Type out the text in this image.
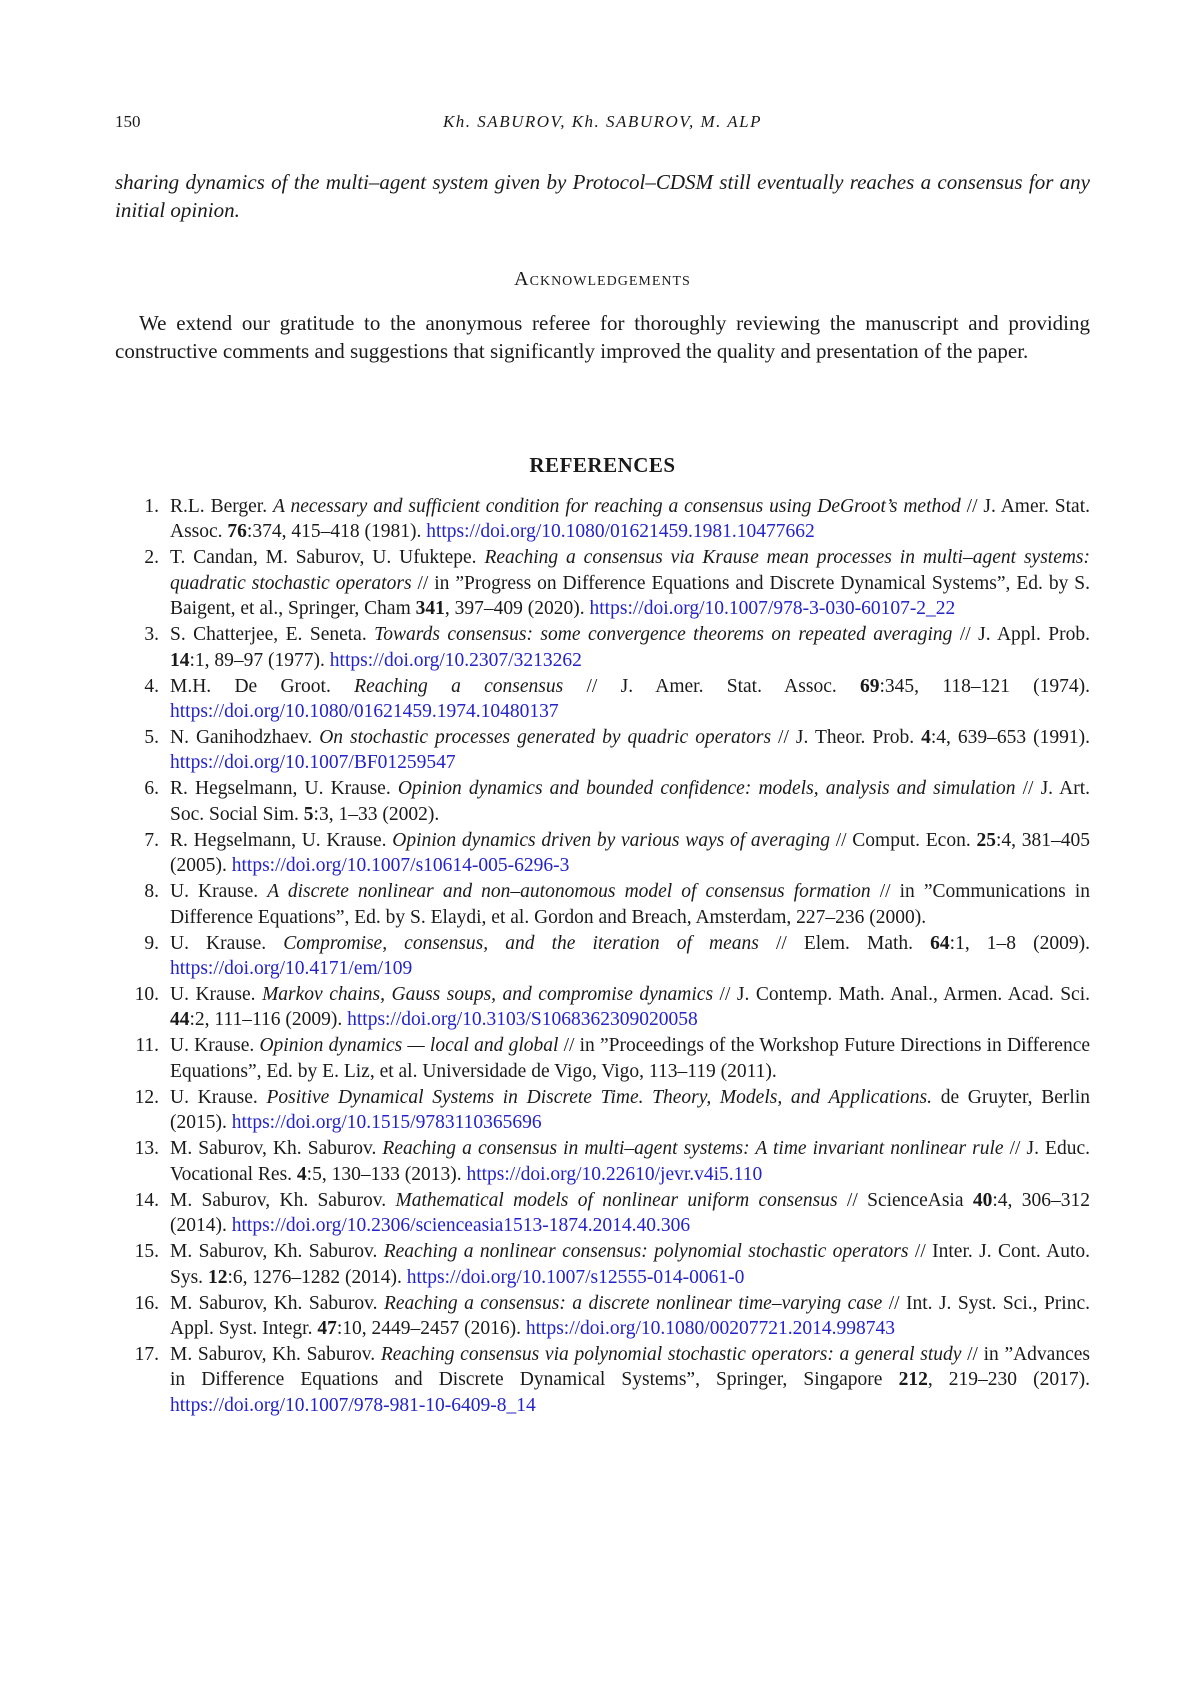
150	Kh. SABUROV, Kh. SABUROV, M. ALP

sharing dynamics of the multi–agent system given by Protocol–CDSM still eventually reaches a consensus for any initial opinion.

Acknowledgements

We extend our gratitude to the anonymous referee for thoroughly reviewing the manuscript and providing constructive comments and suggestions that significantly improved the quality and presentation of the paper.

REFERENCES
1. R.L. Berger. A necessary and sufficient condition for reaching a consensus using DeGroot’s method // J. Amer. Stat. Assoc. 76:374, 415–418 (1981). https://doi.org/10.1080/01621459.1981.10477662
2. T. Candan, M. Saburov, U. Ufuktepe. Reaching a consensus via Krause mean processes in multi–agent systems: quadratic stochastic operators // in ”Progress on Difference Equations and Discrete Dynamical Systems”, Ed. by S. Baigent, et al., Springer, Cham 341, 397–409 (2020). https://doi.org/10.1007/978-3-030-60107-2_22
3. S. Chatterjee, E. Seneta. Towards consensus: some convergence theorems on repeated averaging // J. Appl. Prob. 14:1, 89–97 (1977). https://doi.org/10.2307/3213262
4. M.H. De Groot. Reaching a consensus // J. Amer. Stat. Assoc. 69:345, 118–121 (1974). https://doi.org/10.1080/01621459.1974.10480137
5. N. Ganihodzhaev. On stochastic processes generated by quadric operators // J. Theor. Prob. 4:4, 639–653 (1991). https://doi.org/10.1007/BF01259547
6. R. Hegselmann, U. Krause. Opinion dynamics and bounded confidence: models, analysis and simulation // J. Art. Soc. Social Sim. 5:3, 1–33 (2002).
7. R. Hegselmann, U. Krause. Opinion dynamics driven by various ways of averaging // Comput. Econ. 25:4, 381–405 (2005). https://doi.org/10.1007/s10614-005-6296-3
8. U. Krause. A discrete nonlinear and non–autonomous model of consensus formation // in ”Communications in Difference Equations”, Ed. by S. Elaydi, et al. Gordon and Breach, Amsterdam, 227–236 (2000).
9. U. Krause. Compromise, consensus, and the iteration of means // Elem. Math. 64:1, 1–8 (2009). https://doi.org/10.4171/em/109
10. U. Krause. Markov chains, Gauss soups, and compromise dynamics // J. Contemp. Math. Anal., Armen. Acad. Sci. 44:2, 111–116 (2009). https://doi.org/10.3103/S1068362309020058
11. U. Krause. Opinion dynamics — local and global // in ”Proceedings of the Workshop Future Directions in Difference Equations”, Ed. by E. Liz, et al. Universidade de Vigo, Vigo, 113–119 (2011).
12. U. Krause. Positive Dynamical Systems in Discrete Time. Theory, Models, and Applications. de Gruyter, Berlin (2015). https://doi.org/10.1515/9783110365696
13. M. Saburov, Kh. Saburov. Reaching a consensus in multi–agent systems: A time invariant nonlinear rule // J. Educ. Vocational Res. 4:5, 130–133 (2013). https://doi.org/10.22610/jevr.v4i5.110
14. M. Saburov, Kh. Saburov. Mathematical models of nonlinear uniform consensus // ScienceAsia 40:4, 306–312 (2014). https://doi.org/10.2306/scienceasia1513-1874.2014.40.306
15. M. Saburov, Kh. Saburov. Reaching a nonlinear consensus: polynomial stochastic operators // Inter. J. Cont. Auto. Sys. 12:6, 1276–1282 (2014). https://doi.org/10.1007/s12555-014-0061-0
16. M. Saburov, Kh. Saburov. Reaching a consensus: a discrete nonlinear time–varying case // Int. J. Syst. Sci., Princ. Appl. Syst. Integr. 47:10, 2449–2457 (2016). https://doi.org/10.1080/00207721.2014.998743
17. M. Saburov, Kh. Saburov. Reaching consensus via polynomial stochastic operators: a general study // in ”Advances in Difference Equations and Discrete Dynamical Systems”, Springer, Singapore 212, 219–230 (2017). https://doi.org/10.1007/978-981-10-6409-8_14
